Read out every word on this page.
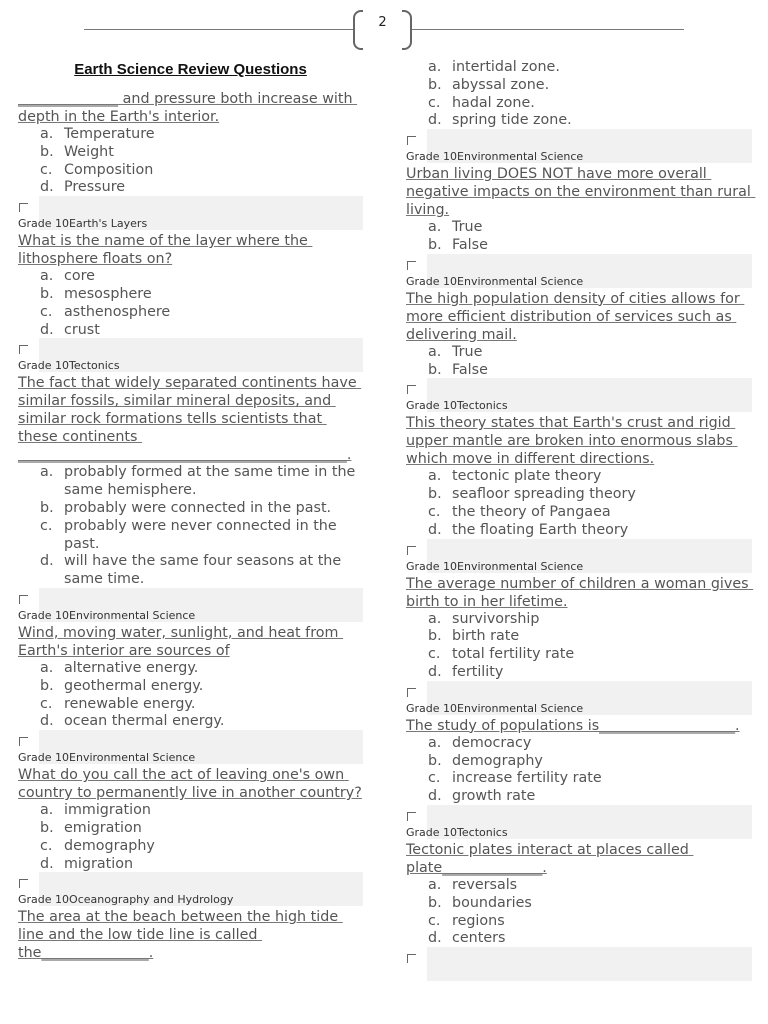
2
Earth Science Review Questions

______________ and pressure both increase with depth in the Earth's interior.

a. Temperature
b. Weight
c. Composition
d. Pressure
Grade 10Earth's Layers

What is the name of the layer where the lithosphere floats on?

a. core
b. mesosphere
c. asthenosphere
d. crust
Grade 10Tectonics

The fact that widely separated continents have similar fossils, similar mineral deposits, and similar rock formations tells scientists that these continents ______________________________________________.

a. probably formed at the same time in the same hemisphere.
b. probably were connected in the past.
c. probably were never connected in the past.
d. will have the same four seasons at the same time.
Grade 10Environmental Science

Wind, moving water, sunlight, and heat from Earth's interior are sources of

a. alternative energy.
b. geothermal energy.
c. renewable energy.
d. ocean thermal energy.
Grade 10Environmental Science

What do you call the act of leaving one's own country to permanently live in another country?

a. immigration
b. emigration
c. demography
d. migration
Grade 10Oceanography and Hydrology

The area at the beach between the high tide line and the low tide line is called the_______________.

a. intertidal zone.
b. abyssal zone.
c. hadal zone.
d. spring tide zone.
Grade 10Environmental Science

Urban living DOES NOT have more overall negative impacts on the environment than rural living.

a. True
b. False
Grade 10Environmental Science

The high population density of cities allows for more efficient distribution of services such as delivering mail.

a. True
b. False
Grade 10Tectonics

This theory states that Earth's crust and rigid upper mantle are broken into enormous slabs which move in different directions.

a. tectonic plate theory
b. seafloor spreading theory
c. the theory of Pangaea
d. the floating Earth theory
Grade 10Environmental Science

The average number of children a woman gives birth to in her lifetime.

a. survivorship
b. birth rate
c. total fertility rate
d. fertility
Grade 10Environmental Science

The study of populations is___________________.

a. democracy
b. demography
c. increase fertility rate
d. growth rate
Grade 10Tectonics

Tectonic plates interact at places called plate______________.

a. reversals
b. boundaries
c. regions
d. centers
